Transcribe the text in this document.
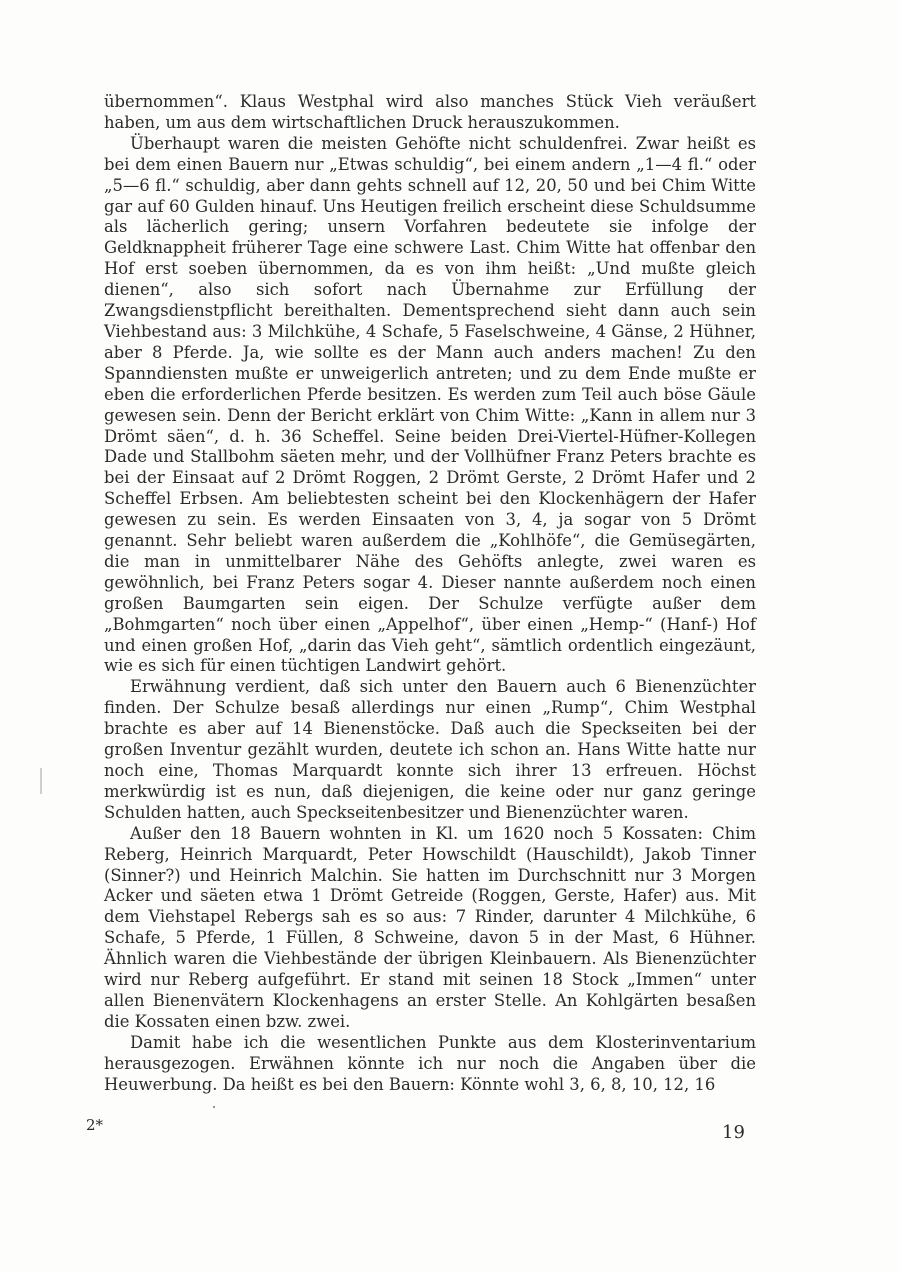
übernommen“. Klaus Westphal wird also manches Stück Vieh veräußert haben, um aus dem wirtschaftlichen Druck herauszukommen.

Überhaupt waren die meisten Gehöfte nicht schuldenfrei. Zwar heißt es bei dem einen Bauern nur „Etwas schuldig“, bei einem andern „1—4 fl.“ oder „5—6 fl.“ schuldig, aber dann gehts schnell auf 12, 20, 50 und bei Chim Witte gar auf 60 Gulden hinauf. Uns Heutigen freilich erscheint diese Schuldsumme als lächerlich gering; unsern Vorfahren bedeutete sie infolge der Geldknappheit früherer Tage eine schwere Last. Chim Witte hat offenbar den Hof erst soeben übernommen, da es von ihm heißt: „Und mußte gleich dienen“, also sich sofort nach Übernahme zur Erfüllung der Zwangsdienstpflicht bereithalten. Dementsprechend sieht dann auch sein Viehbestand aus: 3 Milchkühe, 4 Schafe, 5 Faselschweine, 4 Gänse, 2 Hühner, aber 8 Pferde. Ja, wie sollte es der Mann auch anders machen! Zu den Spanndiensten mußte er unweigerlich antreten; und zu dem Ende mußte er eben die erforderlichen Pferde besitzen. Es werden zum Teil auch böse Gäule gewesen sein. Denn der Bericht erklärt von Chim Witte: „Kann in allem nur 3 Drömt säen“, d. h. 36 Scheffel. Seine beiden Drei-Viertel-Hüfner-Kollegen Dade und Stallbohm säeten mehr, und der Vollhüfner Franz Peters brachte es bei der Einsaat auf 2 Drömt Roggen, 2 Drömt Gerste, 2 Drömt Hafer und 2 Scheffel Erbsen. Am beliebtesten scheint bei den Klockenhägern der Hafer gewesen zu sein. Es werden Einsaaten von 3, 4, ja sogar von 5 Drömt genannt. Sehr beliebt waren außerdem die „Kohlhöfe“, die Gemüsegärten, die man in unmittelbarer Nähe des Gehöfts anlegte, zwei waren es gewöhnlich, bei Franz Peters sogar 4. Dieser nannte außerdem noch einen großen Baumgarten sein eigen. Der Schulze verfügte außer dem „Bohmgarten“ noch über einen „Appelhof“, über einen „Hemp-“ (Hanf-) Hof und einen großen Hof, „darin das Vieh geht“, sämtlich ordentlich eingezäunt, wie es sich für einen tüchtigen Landwirt gehört.

Erwähnung verdient, daß sich unter den Bauern auch 6 Bienenzüchter finden. Der Schulze besaß allerdings nur einen „Rump“, Chim Westphal brachte es aber auf 14 Bienenstöcke. Daß auch die Speckseiten bei der großen Inventur gezählt wurden, deutete ich schon an. Hans Witte hatte nur noch eine, Thomas Marquardt konnte sich ihrer 13 erfreuen. Höchst merkwürdig ist es nun, daß diejenigen, die keine oder nur ganz geringe Schulden hatten, auch Speckseitenbesitzer und Bienenzüchter waren.

Außer den 18 Bauern wohnten in Kl. um 1620 noch 5 Kossaten: Chim Reberg, Heinrich Marquardt, Peter Howschildt (Hauschildt), Jakob Tinner (Sinner?) und Heinrich Malchin. Sie hatten im Durchschnitt nur 3 Morgen Acker und säeten etwa 1 Drömt Getreide (Roggen, Gerste, Hafer) aus. Mit dem Viehstapel Rebergs sah es so aus: 7 Rinder, darunter 4 Milchkühe, 6 Schafe, 5 Pferde, 1 Füllen, 8 Schweine, davon 5 in der Mast, 6 Hühner. Ähnlich waren die Viehbestände der übrigen Kleinbauern. Als Bienenzüchter wird nur Reberg aufgeführt. Er stand mit seinen 18 Stock „Immen“ unter allen Bienenvätern Klockenhagens an erster Stelle. An Kohlgärten besaßen die Kossaten einen bzw. zwei.

Damit habe ich die wesentlichen Punkte aus dem Klosterinventarium herausgezogen. Erwähnen könnte ich nur noch die Angaben über die Heuwerbung. Da heißt es bei den Bauern: Könnte wohl 3, 6, 8, 10, 12, 16

2*	19
